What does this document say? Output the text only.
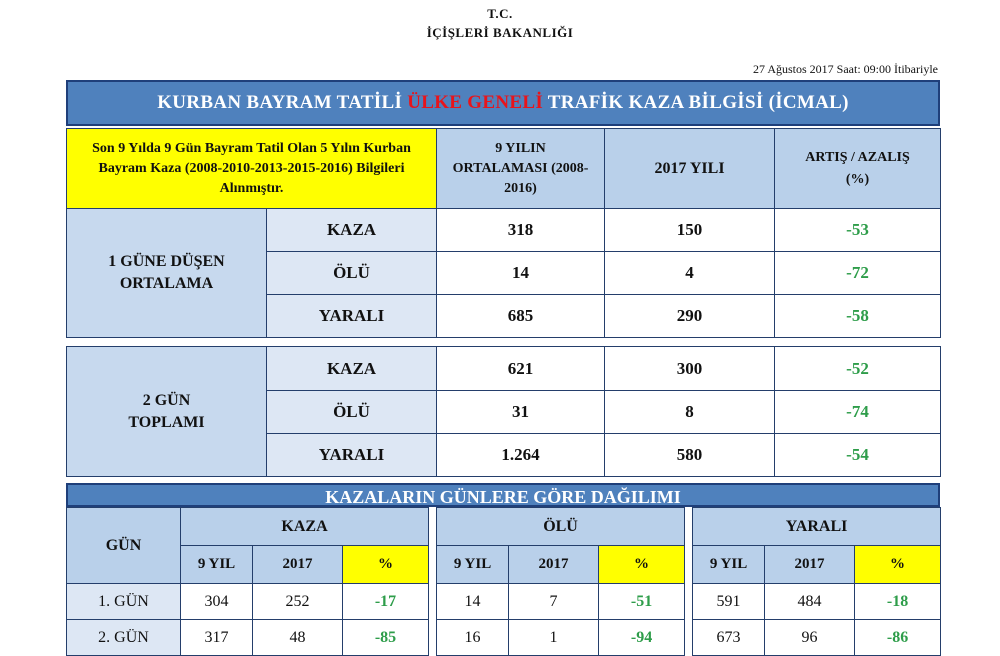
T.C.
İÇİŞLERİ BAKANLIĞI
27 Ağustos 2017 Saat: 09:00 İtibariyle
KURBAN BAYRAM TATİLİ ÜLKE GENELİ TRAFİK KAZA BİLGİSİ (İCMAL)
Son 9 Yılda 9 Gün Bayram Tatil Olan 5 Yılın Kurban Bayram Kaza (2008-2010-2013-2015-2016) Bilgileri Alınmıştır.		9 YILIN ORTALAMASI (2008-2016)	2017 YILI	ARTIŞ / AZALIŞ (%)
1 GÜNE DÜŞEN ORTALAMA	KAZA	318	150	-53
	ÖLÜ	14	4	-72
	YARALI	685	290	-58
2 GÜN TOPLAMI	KAZA	621	300	-52
	ÖLÜ	31	8	-74
	YARALI	1.264	580	-54
KAZALARIN GÜNLERE GÖRE DAĞILIMI
GÜN	KAZA				ÖLÜ				YARALI		
	9 YIL	2017	%		9 YIL	2017	%		9 YIL	2017	%
1. GÜN	304	252	-17		14	7	-51		591	484	-18
2. GÜN	317	48	-85		16	1	-94		673	96	-86
